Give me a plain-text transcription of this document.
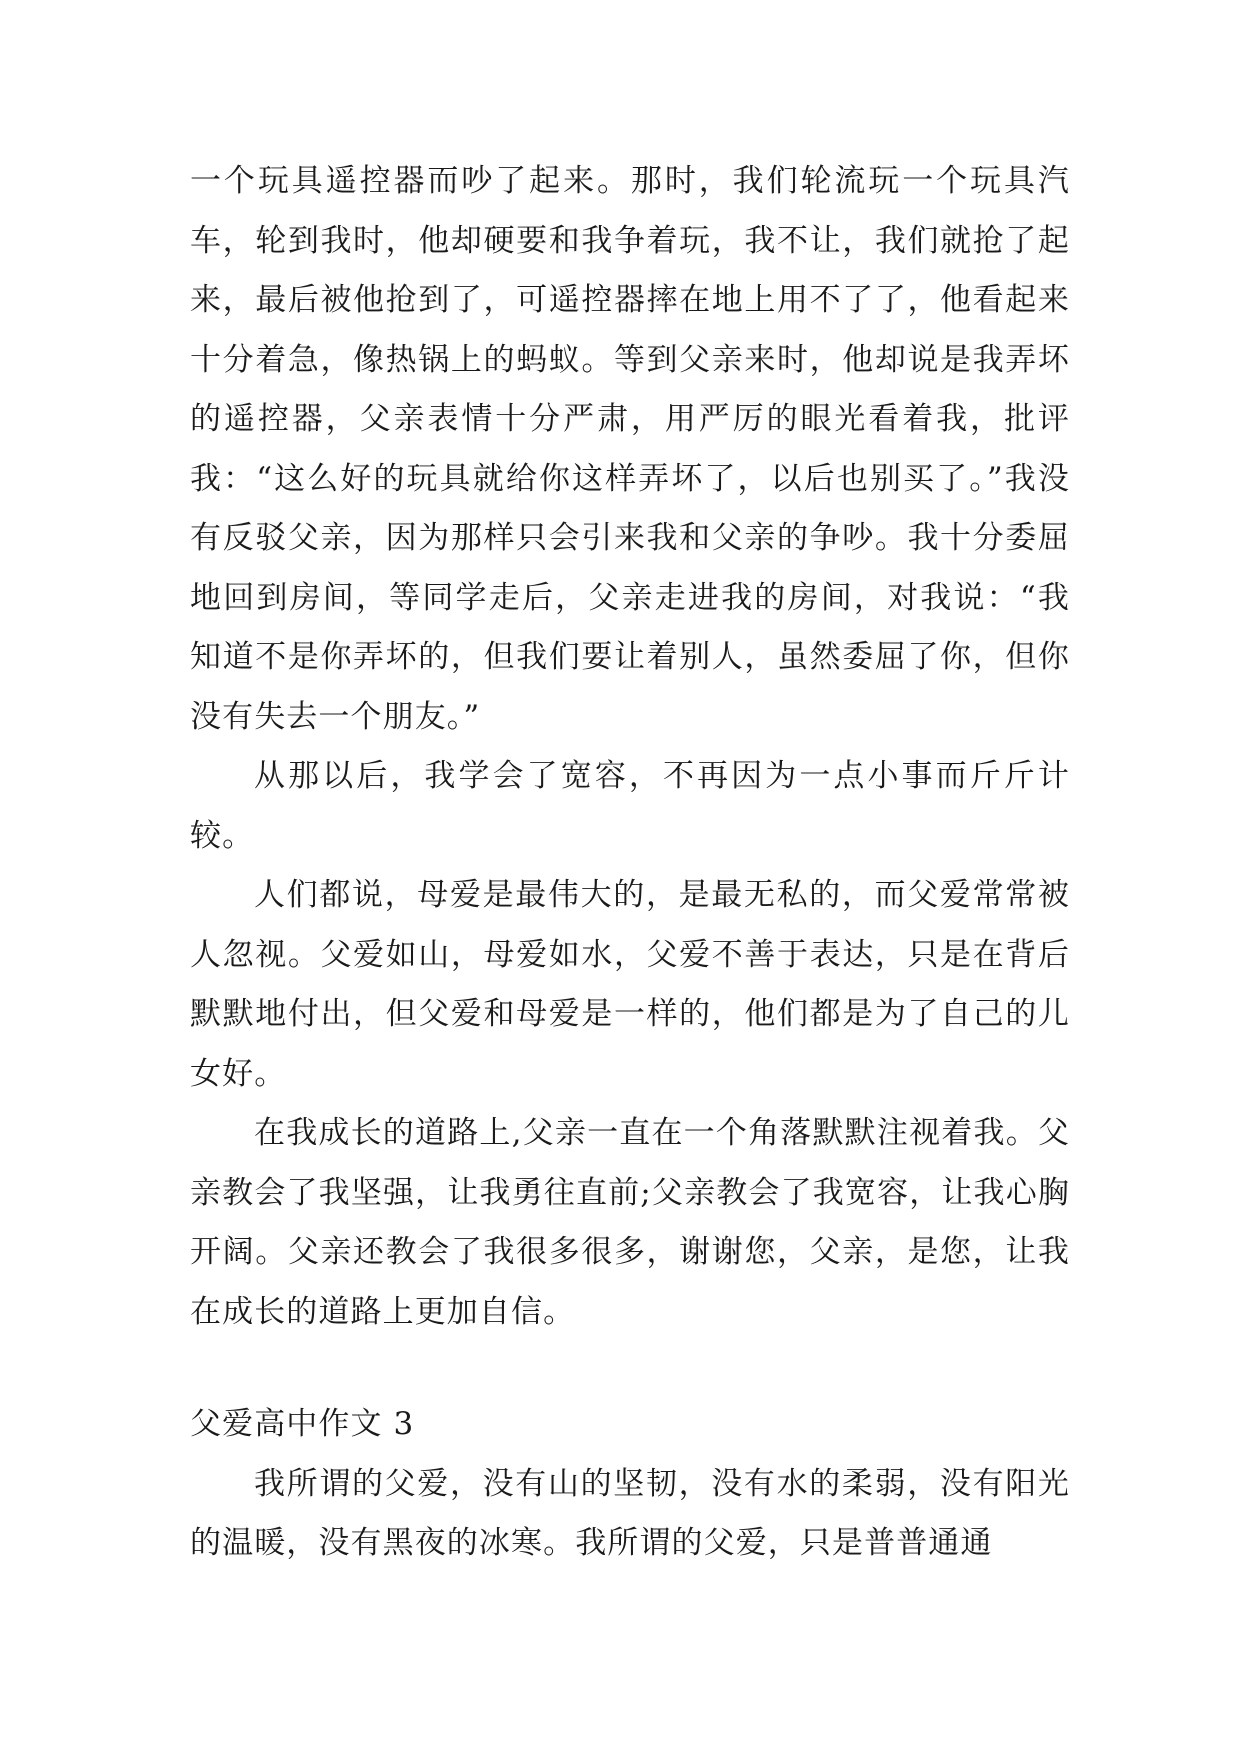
一个玩具遥控器而吵了起来。那时，我们轮流玩一个玩具汽车，轮到我时，他却硬要和我争着玩，我不让，我们就抢了起来，最后被他抢到了，可遥控器摔在地上用不了了，他看起来十分着急，像热锅上的蚂蚁。等到父亲来时，他却说是我弄坏的遥控器，父亲表情十分严肃，用严厉的眼光看着我，批评我：“这么好的玩具就给你这样弄坏了，以后也别买了。”我没有反驳父亲，因为那样只会引来我和父亲的争吵。我十分委屈地回到房间，等同学走后，父亲走进我的房间，对我说：“我知道不是你弄坏的，但我们要让着别人，虽然委屈了你，但你没有失去一个朋友。”

从那以后，我学会了宽容，不再因为一点小事而斤斤计较。

人们都说，母爱是最伟大的，是最无私的，而父爱常常被人忽视。父爱如山，母爱如水，父爱不善于表达，只是在背后默默地付出，但父爱和母爱是一样的，他们都是为了自己的儿女好。

在我成长的道路上,父亲一直在一个角落默默注视着我。父亲教会了我坚强，让我勇往直前;父亲教会了我宽容，让我心胸开阔。父亲还教会了我很多很多，谢谢您，父亲，是您，让我在成长的道路上更加自信。

父爱高中作文 3

我所谓的父爱，没有山的坚韧，没有水的柔弱，没有阳光的温暖，没有黑夜的冰寒。我所谓的父爱，只是普普通通
